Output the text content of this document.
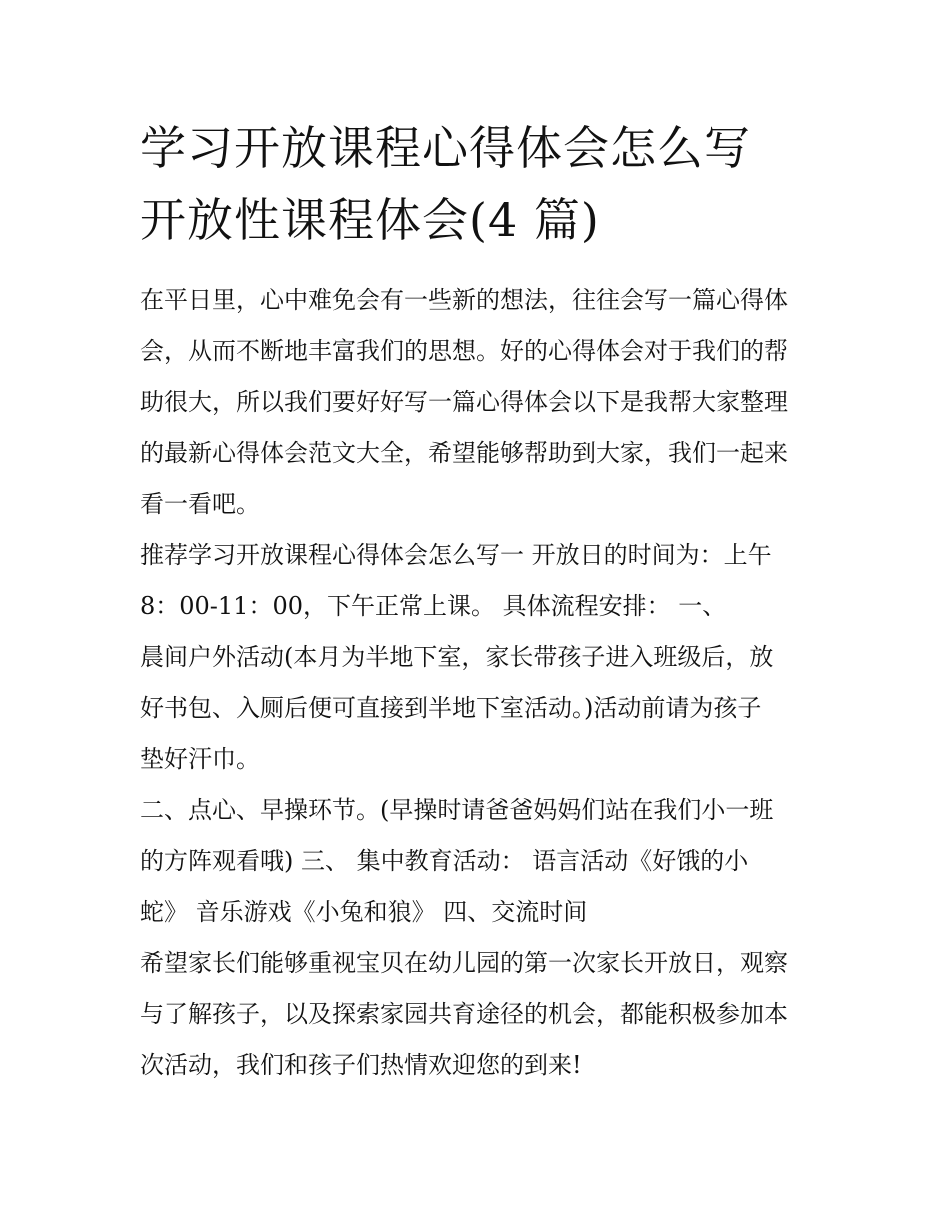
学习开放课程心得体会怎么写
开放性课程体会(4 篇)

在平日里，心中难免会有一些新的想法，往往会写一篇心得体
会，从而不断地丰富我们的思想。好的心得体会对于我们的帮
助很大，所以我们要好好写一篇心得体会以下是我帮大家整理
的最新心得体会范文大全，希望能够帮助到大家，我们一起来
看一看吧。

推荐学习开放课程心得体会怎么写一 开放日的时间为：上午
8：00-11：00，下午正常上课。 具体流程安排： 一、
晨间户外活动(本月为半地下室，家长带孩子进入班级后，放
好书包、入厕后便可直接到半地下室活动。)活动前请为孩子
垫好汗巾。

二、点心、早操环节。(早操时请爸爸妈妈们站在我们小一班
的方阵观看哦) 三、 集中教育活动： 语言活动《好饿的小
蛇》 音乐游戏《小兔和狼》 四、交流时间

希望家长们能够重视宝贝在幼儿园的第一次家长开放日，观察
与了解孩子，以及探索家园共育途径的机会，都能积极参加本
次活动，我们和孩子们热情欢迎您的到来!
